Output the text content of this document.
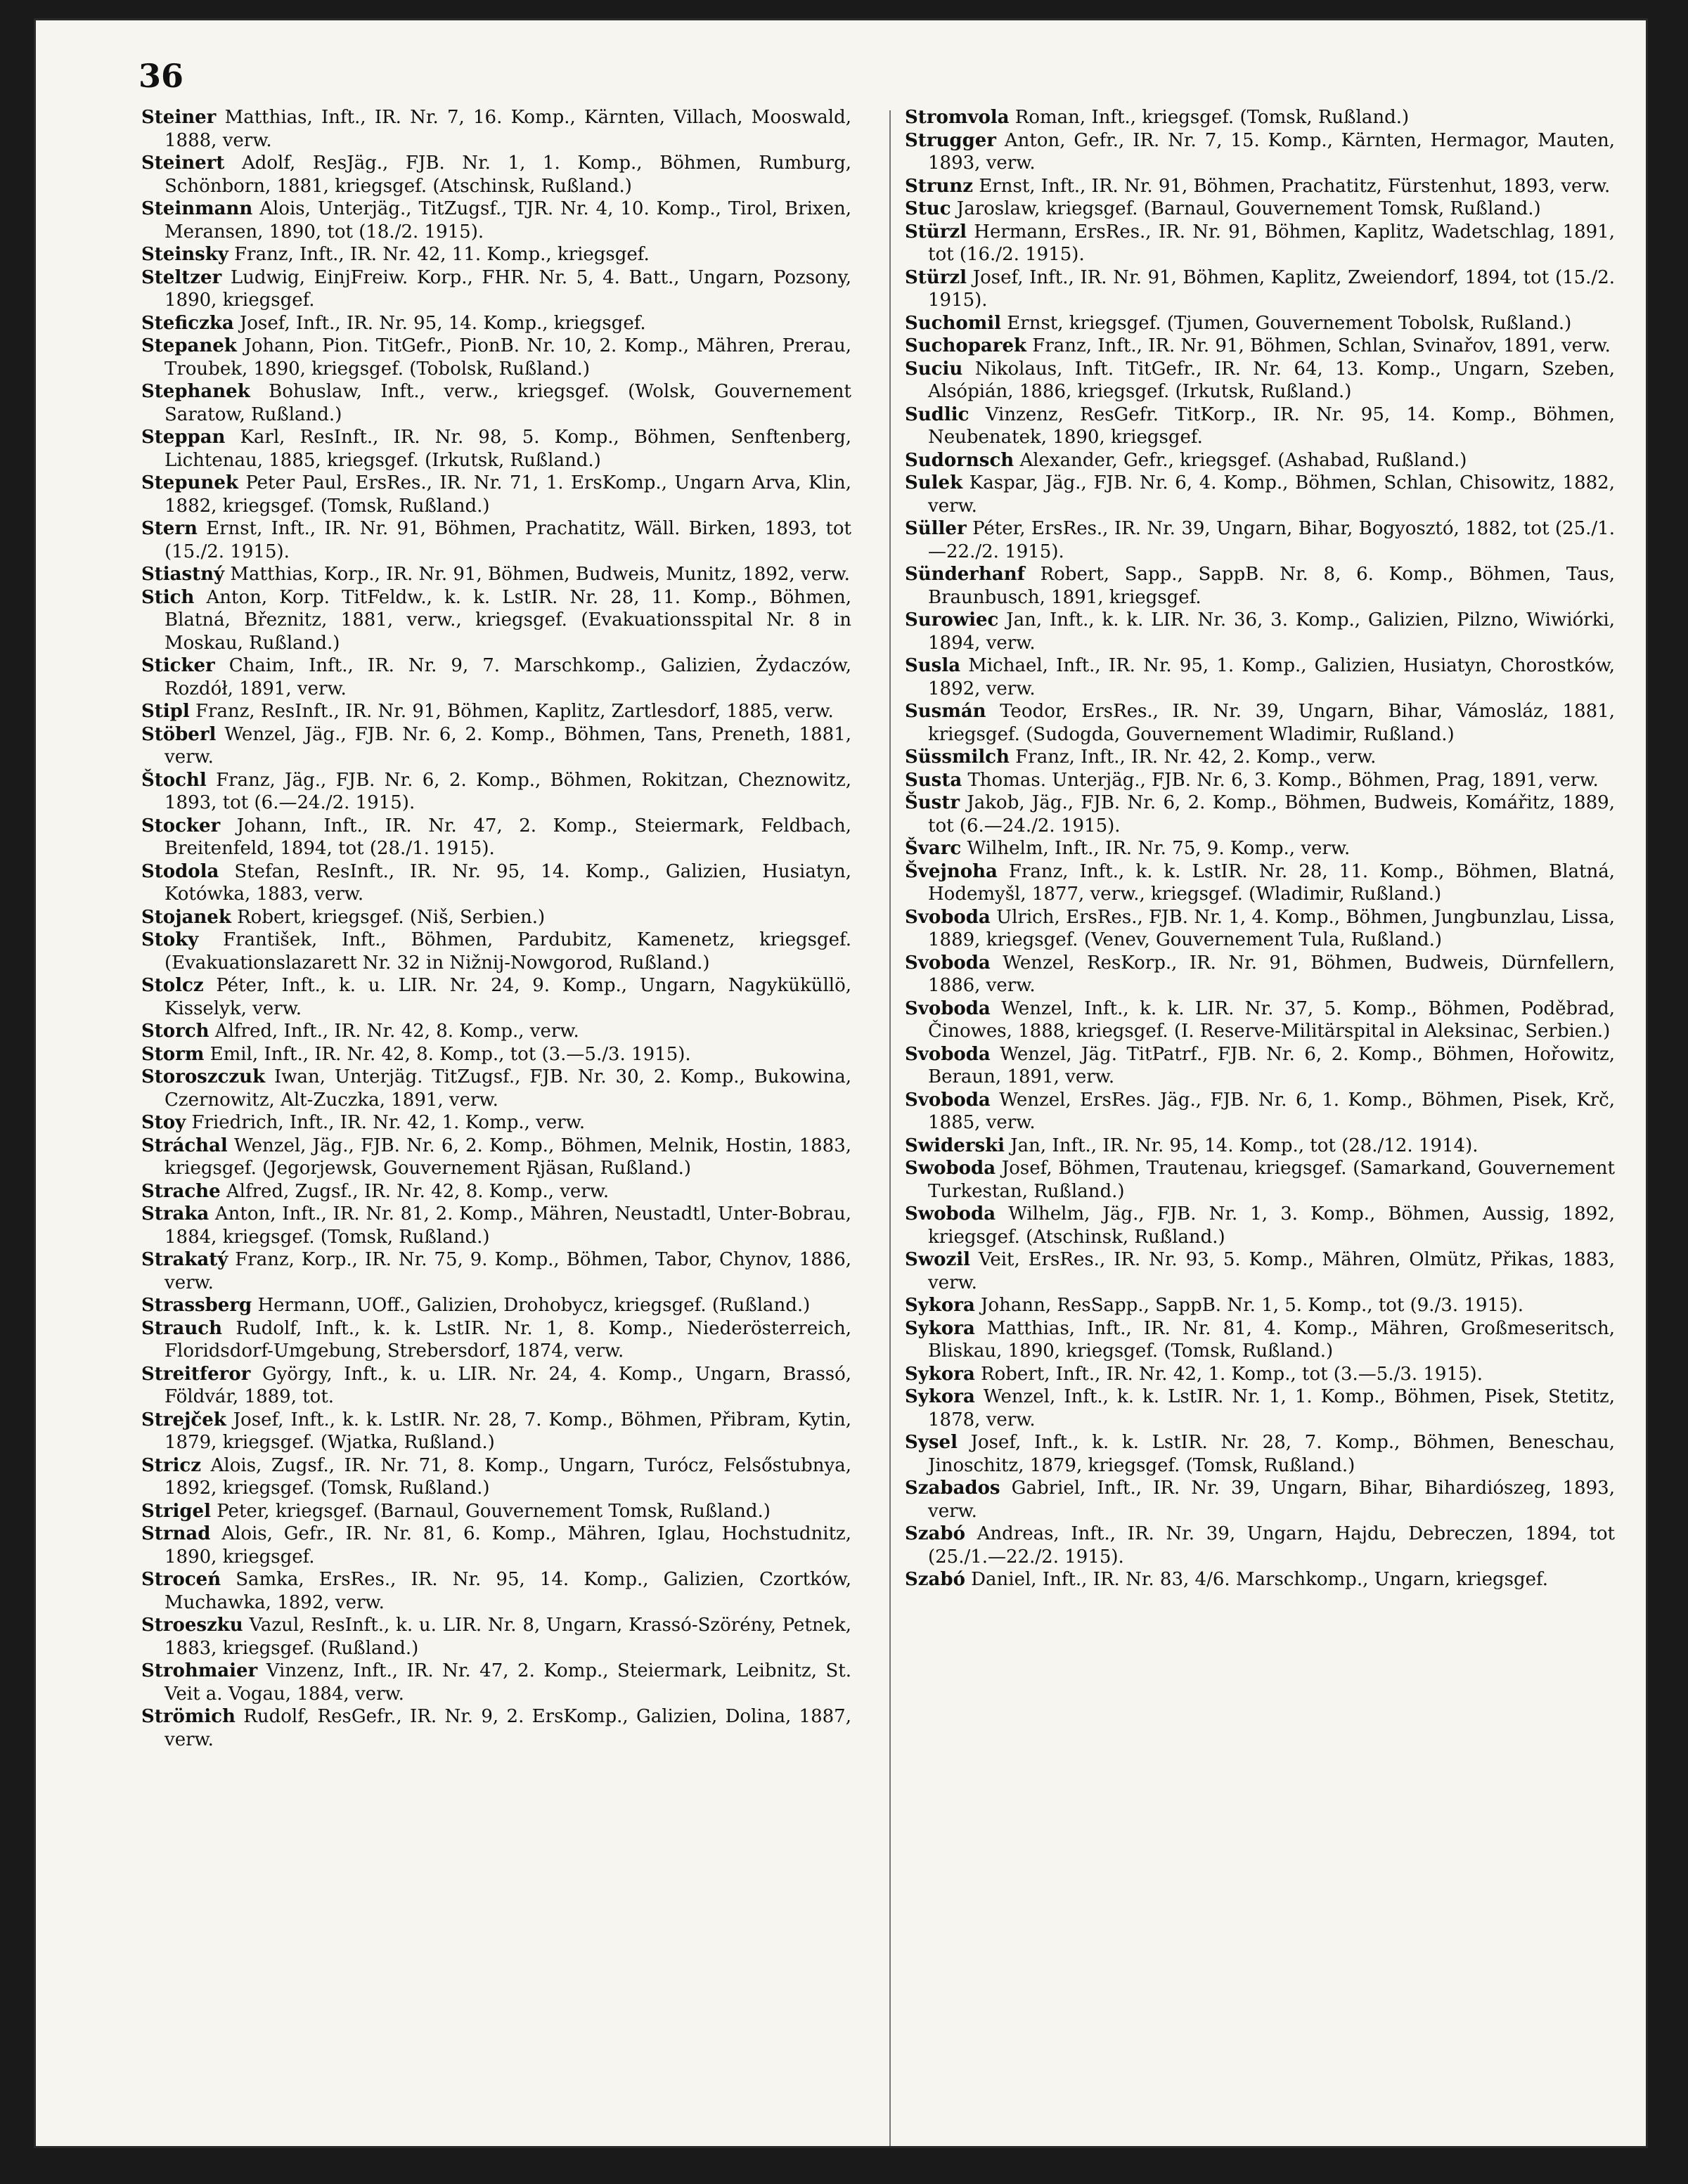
36
Steiner Matthias, Inft., IR. Nr. 7, 16. Komp., Kärnten, Villach, Mooswald, 1888, verw.
Steinert Adolf, ResJäg., FJB. Nr. 1, 1. Komp., Böhmen, Rumburg, Schönborn, 1881, kriegsgef. (Atschinsk, Rußland.)
Steinmann Alois, Unterjäg., TitZugsf., TJR. Nr. 4, 10. Komp., Tirol, Brixen, Meransen, 1890, tot (18./2. 1915).
Steinsky Franz, Inft., IR. Nr. 42, 11. Komp., kriegsgef.
Steltzer Ludwig, EinjFreiw. Korp., FHR. Nr. 5, 4. Batt., Ungarn, Pozsony, 1890, kriegsgef.
Steficzka Josef, Inft., IR. Nr. 95, 14. Komp., kriegsgef.
Stepanek Johann, Pion. TitGefr., PionB. Nr. 10, 2. Komp., Mähren, Prerau, Troubek, 1890, kriegsgef. (Tobolsk, Rußland.)
Stephanek Bohuslaw, Inft., verw., kriegsgef. (Wolsk, Gouvernement Saratow, Rußland.)
Steppan Karl, ResInft., IR. Nr. 98, 5. Komp., Böhmen, Senftenberg, Lichtenau, 1885, kriegsgef. (Irkutsk, Rußland.)
Stepunek Peter Paul, ErsRes., IR. Nr. 71, 1. ErsKomp., Ungarn Arva, Klin, 1882, kriegsgef. (Tomsk, Rußland.)
Stern Ernst, Inft., IR. Nr. 91, Böhmen, Prachatitz, Wäll. Birken, 1893, tot (15./2. 1915).
Stiastný Matthias, Korp., IR. Nr. 91, Böhmen, Budweis, Munitz, 1892, verw.
Stich Anton, Korp. TitFeldw., k. k. LstIR. Nr. 28, 11. Komp., Böhmen, Blatná, Březnitz, 1881, verw., kriegsgef. (Evakuationsspital Nr. 8 in Moskau, Rußland.)
Sticker Chaim, Inft., IR. Nr. 9, 7. Marschkomp., Galizien, Żydaczów, Rozdół, 1891, verw.
Stipl Franz, ResInft., IR. Nr. 91, Böhmen, Kaplitz, Zartlesdorf, 1885, verw.
Stöberl Wenzel, Jäg., FJB. Nr. 6, 2. Komp., Böhmen, Tans, Preneth, 1881, verw.
Štochl Franz, Jäg., FJB. Nr. 6, 2. Komp., Böhmen, Rokitzan, Cheznowitz, 1893, tot (6.—24./2. 1915).
Stocker Johann, Inft., IR. Nr. 47, 2. Komp., Steiermark, Feldbach, Breitenfeld, 1894, tot (28./1. 1915).
Stodola Stefan, ResInft., IR. Nr. 95, 14. Komp., Galizien, Husiatyn, Kotówka, 1883, verw.
Stojanek Robert, kriegsgef. (Niš, Serbien.)
Stoky František, Inft., Böhmen, Pardubitz, Kamenetz, kriegsgef. (Evakuationslazarett Nr. 32 in Nižnij-Nowgorod, Rußland.)
Stolcz Péter, Inft., k. u. LIR. Nr. 24, 9. Komp., Ungarn, Nagyküküllö, Kisselyk, verw.
Storch Alfred, Inft., IR. Nr. 42, 8. Komp., verw.
Storm Emil, Inft., IR. Nr. 42, 8. Komp., tot (3.—5./3. 1915).
Storoszczuk Iwan, Unterjäg. TitZugsf., FJB. Nr. 30, 2. Komp., Bukowina, Czernowitz, Alt-Zuczka, 1891, verw.
Stoy Friedrich, Inft., IR. Nr. 42, 1. Komp., verw.
Stráchal Wenzel, Jäg., FJB. Nr. 6, 2. Komp., Böhmen, Melnik, Hostin, 1883, kriegsgef. (Jegorjewsk, Gouvernement Rjäsan, Rußland.)
Strache Alfred, Zugsf., IR. Nr. 42, 8. Komp., verw.
Straka Anton, Inft., IR. Nr. 81, 2. Komp., Mähren, Neustadtl, Unter-Bobrau, 1884, kriegsgef. (Tomsk, Rußland.)
Strakatý Franz, Korp., IR. Nr. 75, 9. Komp., Böhmen, Tabor, Chynov, 1886, verw.
Strassberg Hermann, UOff., Galizien, Drohobycz, kriegsgef. (Rußland.)
Strauch Rudolf, Inft., k. k. LstIR. Nr. 1, 8. Komp., Niederösterreich, Floridsdorf-Umgebung, Strebersdorf, 1874, verw.
Streitferor György, Inft., k. u. LIR. Nr. 24, 4. Komp., Ungarn, Brassó, Földvár, 1889, tot.
Strejček Josef, Inft., k. k. LstIR. Nr. 28, 7. Komp., Böhmen, Přibram, Kytin, 1879, kriegsgef. (Wjatka, Rußland.)
Stricz Alois, Zugsf., IR. Nr. 71, 8. Komp., Ungarn, Turócz, Felsőstubnya, 1892, kriegsgef. (Tomsk, Rußland.)
Strigel Peter, kriegsgef. (Barnaul, Gouvernement Tomsk, Rußland.)
Strnad Alois, Gefr., IR. Nr. 81, 6. Komp., Mähren, Iglau, Hochstudnitz, 1890, kriegsgef.
Stroceń Samka, ErsRes., IR. Nr. 95, 14. Komp., Galizien, Czortków, Muchawka, 1892, verw.
Stroeszku Vazul, ResInft., k. u. LIR. Nr. 8, Ungarn, Krassó-Szörény, Petnek, 1883, kriegsgef. (Rußland.)
Strohmaier Vinzenz, Inft., IR. Nr. 47, 2. Komp., Steiermark, Leibnitz, St. Veit a. Vogau, 1884, verw.
Strömich Rudolf, ResGefr., IR. Nr. 9, 2. ErsKomp., Galizien, Dolina, 1887, verw.
Stromvola Roman, Inft., kriegsgef. (Tomsk, Rußland.)
Strugger Anton, Gefr., IR. Nr. 7, 15. Komp., Kärnten, Hermagor, Mauten, 1893, verw.
Strunz Ernst, Inft., IR. Nr. 91, Böhmen, Prachatitz, Fürstenhut, 1893, verw.
Stuc Jaroslaw, kriegsgef. (Barnaul, Gouvernement Tomsk, Rußland.)
Stürzl Hermann, ErsRes., IR. Nr. 91, Böhmen, Kaplitz, Wadetschlag, 1891, tot (16./2. 1915).
Stürzl Josef, Inft., IR. Nr. 91, Böhmen, Kaplitz, Zweiendorf, 1894, tot (15./2. 1915).
Suchomil Ernst, kriegsgef. (Tjumen, Gouvernement Tobolsk, Rußland.)
Suchoparek Franz, Inft., IR. Nr. 91, Böhmen, Schlan, Svinařov, 1891, verw.
Suciu Nikolaus, Inft. TitGefr., IR. Nr. 64, 13. Komp., Ungarn, Szeben, Alsópián, 1886, kriegsgef. (Irkutsk, Rußland.)
Sudlic Vinzenz, ResGefr. TitKorp., IR. Nr. 95, 14. Komp., Böhmen, Neubenatek, 1890, kriegsgef.
Sudornsch Alexander, Gefr., kriegsgef. (Ashabad, Rußland.)
Sulek Kaspar, Jäg., FJB. Nr. 6, 4. Komp., Böhmen, Schlan, Chisowitz, 1882, verw.
Süller Péter, ErsRes., IR. Nr. 39, Ungarn, Bihar, Bogyosztó, 1882, tot (25./1.—22./2. 1915).
Sünderhanf Robert, Sapp., SappB. Nr. 8, 6. Komp., Böhmen, Taus, Braunbusch, 1891, kriegsgef.
Surowiec Jan, Inft., k. k. LIR. Nr. 36, 3. Komp., Galizien, Pilzno, Wiwiórki, 1894, verw.
Susla Michael, Inft., IR. Nr. 95, 1. Komp., Galizien, Husiatyn, Chorostków, 1892, verw.
Susmán Teodor, ErsRes., IR. Nr. 39, Ungarn, Bihar, Vámosláz, 1881, kriegsgef. (Sudogda, Gouvernement Wladimir, Rußland.)
Süssmilch Franz, Inft., IR. Nr. 42, 2. Komp., verw.
Susta Thomas. Unterjäg., FJB. Nr. 6, 3. Komp., Böhmen, Prag, 1891, verw.
Šustr Jakob, Jäg., FJB. Nr. 6, 2. Komp., Böhmen, Budweis, Komářitz, 1889, tot (6.—24./2. 1915).
Švarc Wilhelm, Inft., IR. Nr. 75, 9. Komp., verw.
Švejnoha Franz, Inft., k. k. LstIR. Nr. 28, 11. Komp., Böhmen, Blatná, Hodemyšl, 1877, verw., kriegsgef. (Wladimir, Rußland.)
Svoboda Ulrich, ErsRes., FJB. Nr. 1, 4. Komp., Böhmen, Jungbunzlau, Lissa, 1889, kriegsgef. (Venev, Gouvernement Tula, Rußland.)
Svoboda Wenzel, ResKorp., IR. Nr. 91, Böhmen, Budweis, Dürnfellern, 1886, verw.
Svoboda Wenzel, Inft., k. k. LIR. Nr. 37, 5. Komp., Böhmen, Poděbrad, Činowes, 1888, kriegsgef. (I. Reserve-Militärspital in Aleksinac, Serbien.)
Svoboda Wenzel, Jäg. TitPatrf., FJB. Nr. 6, 2. Komp., Böhmen, Hořowitz, Beraun, 1891, verw.
Svoboda Wenzel, ErsRes. Jäg., FJB. Nr. 6, 1. Komp., Böhmen, Pisek, Krč, 1885, verw.
Swiderski Jan, Inft., IR. Nr. 95, 14. Komp., tot (28./12. 1914).
Swoboda Josef, Böhmen, Trautenau, kriegsgef. (Samarkand, Gouvernement Turkestan, Rußland.)
Swoboda Wilhelm, Jäg., FJB. Nr. 1, 3. Komp., Böhmen, Aussig, 1892, kriegsgef. (Atschinsk, Rußland.)
Swozil Veit, ErsRes., IR. Nr. 93, 5. Komp., Mähren, Olmütz, Přikas, 1883, verw.
Sykora Johann, ResSapp., SappB. Nr. 1, 5. Komp., tot (9./3. 1915).
Sykora Matthias, Inft., IR. Nr. 81, 4. Komp., Mähren, Großmeseritsch, Bliskau, 1890, kriegsgef. (Tomsk, Rußland.)
Sykora Robert, Inft., IR. Nr. 42, 1. Komp., tot (3.—5./3. 1915).
Sykora Wenzel, Inft., k. k. LstIR. Nr. 1, 1. Komp., Böhmen, Pisek, Stetitz, 1878, verw.
Sysel Josef, Inft., k. k. LstIR. Nr. 28, 7. Komp., Böhmen, Beneschau, Jinoschitz, 1879, kriegsgef. (Tomsk, Rußland.)
Szabados Gabriel, Inft., IR. Nr. 39, Ungarn, Bihar, Bihardiószeg, 1893, verw.
Szabó Andreas, Inft., IR. Nr. 39, Ungarn, Hajdu, Debreczen, 1894, tot (25./1.—22./2. 1915).
Szabó Daniel, Inft., IR. Nr. 83, 4/6. Marschkomp., Ungarn, kriegsgef.
